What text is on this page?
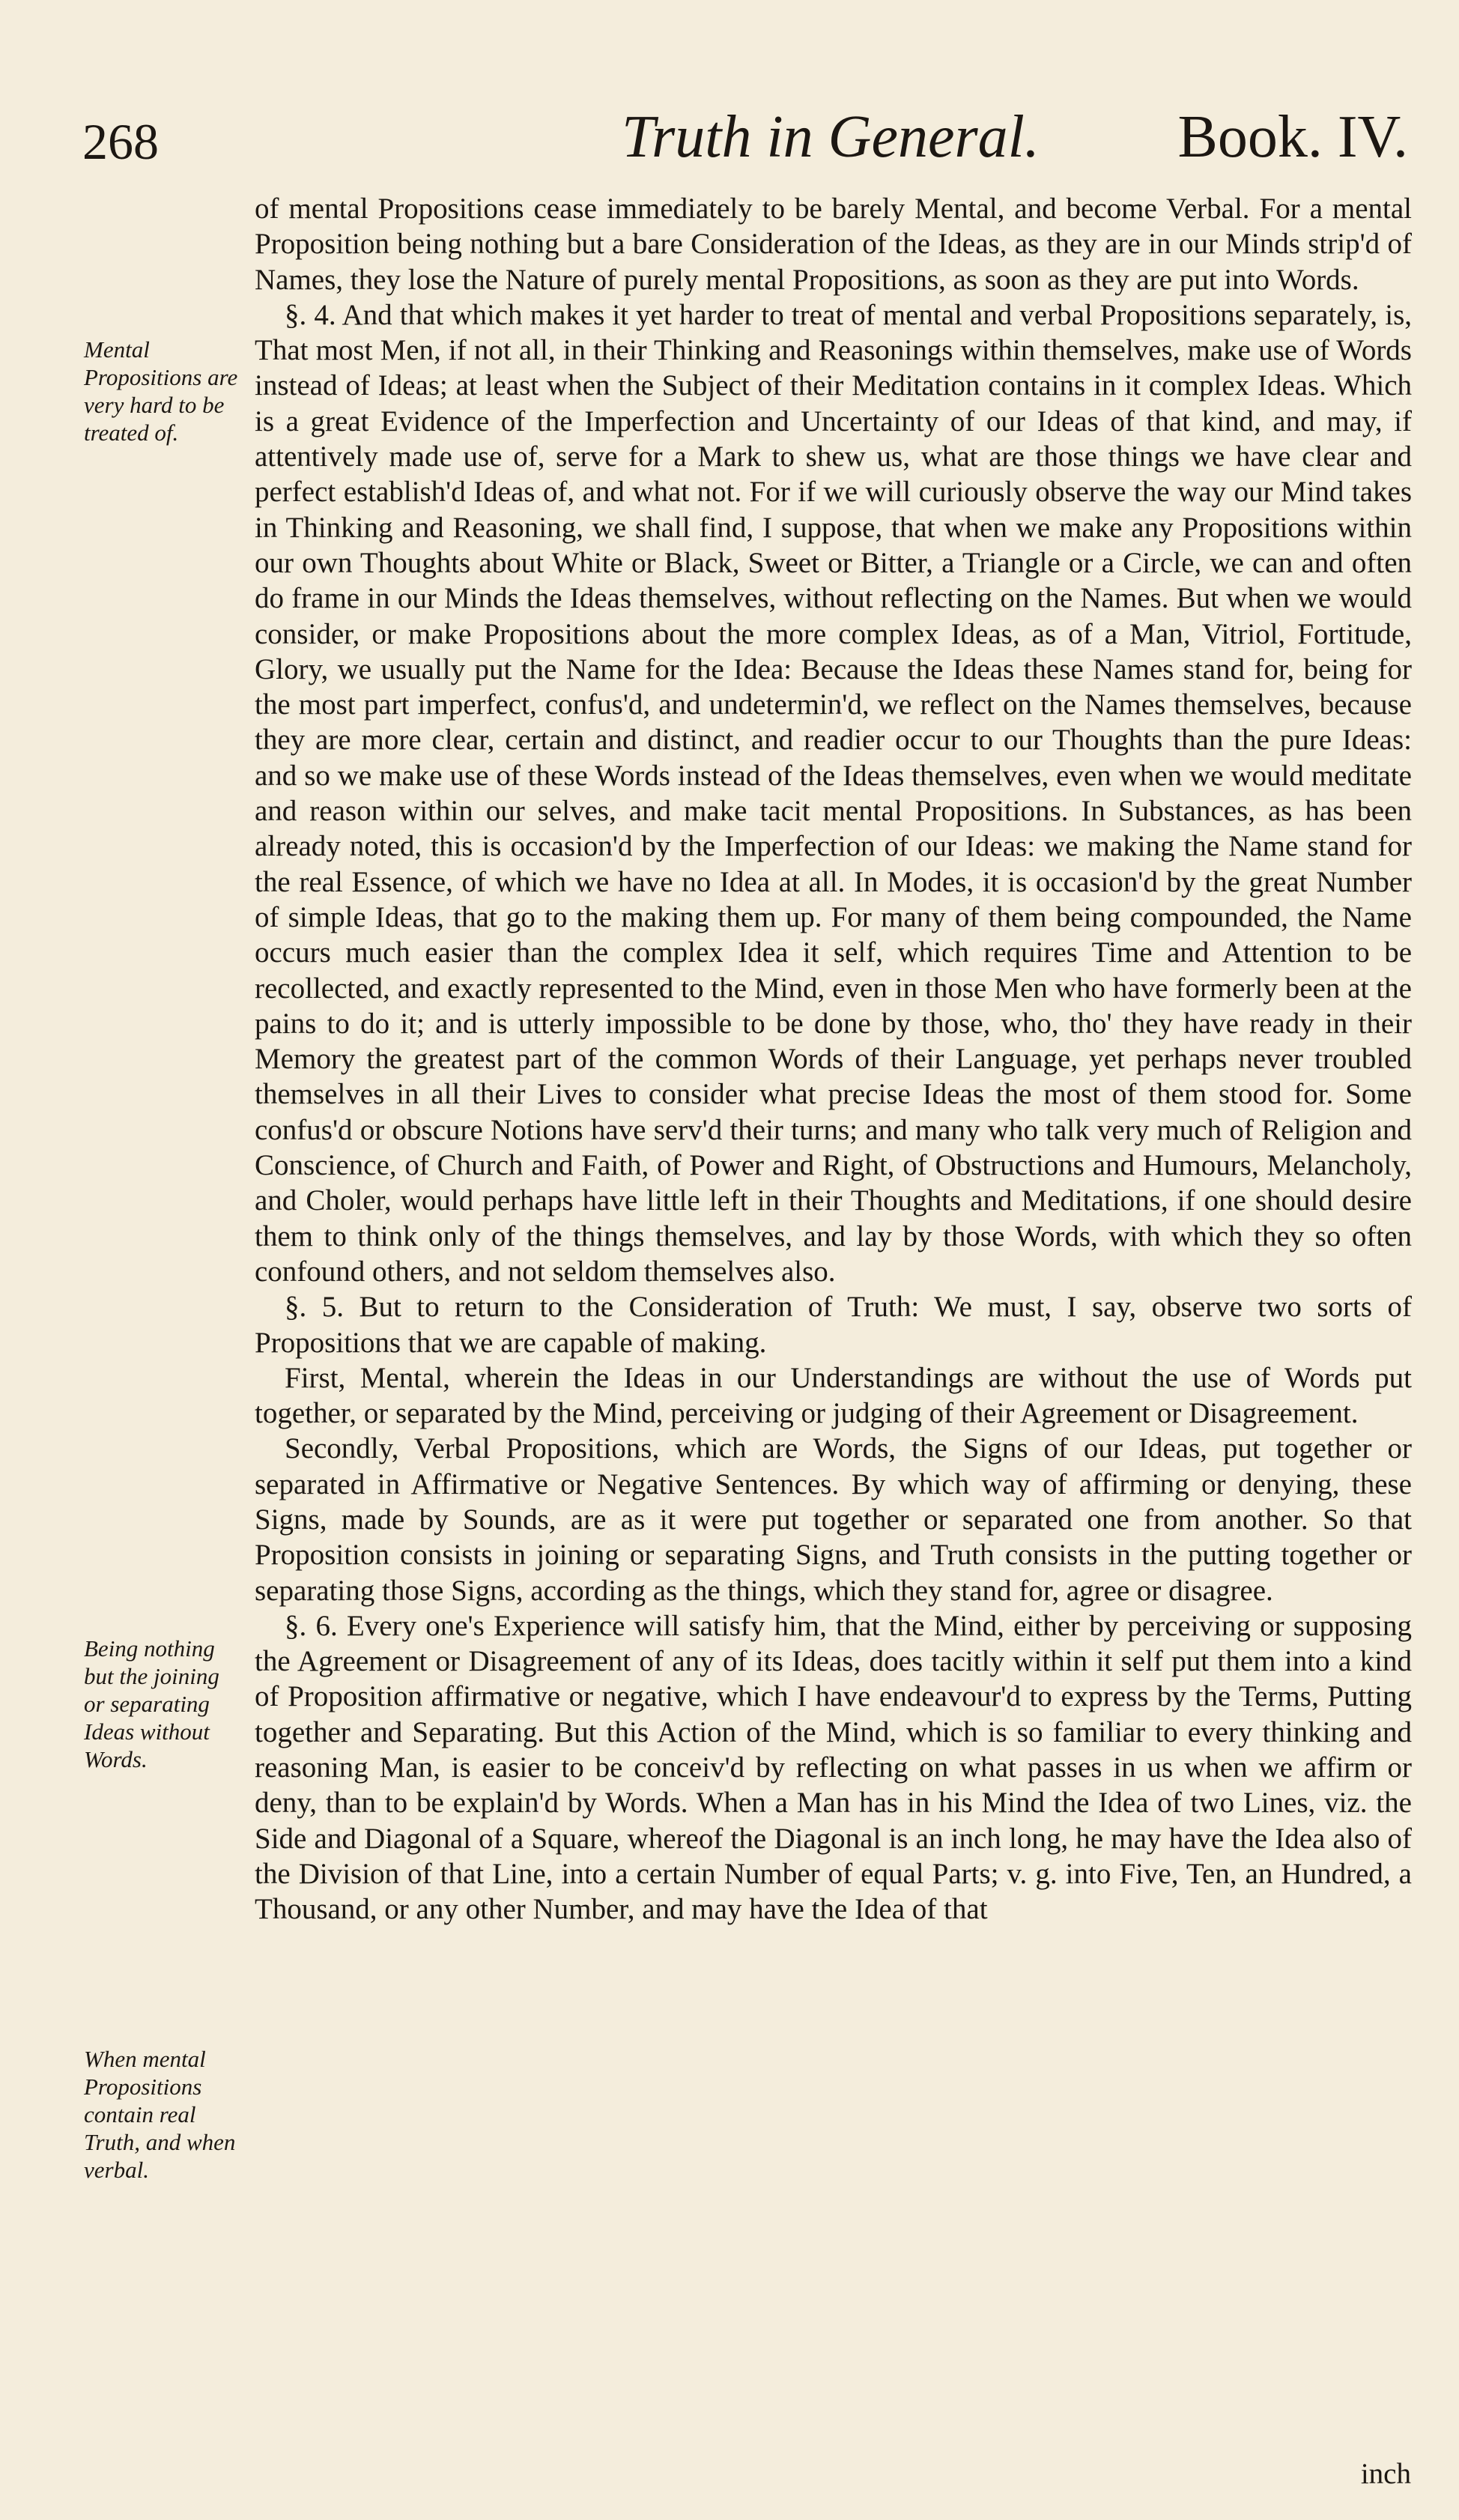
268	Truth in General. Book. IV.
Mental Propositions are very hard to be treated of.
Being nothing but the joining or separating Ideas without Words.
When mental Propositions contain real Truth, and when verbal.

of mental Propositions cease immediately to be barely Mental, and become Verbal. For a mental Proposition being nothing but a bare Consideration of the Ideas, as they are in our Minds strip'd of Names, they lose the Nature of purely mental Propositions, as soon as they are put into Words.

§. 4. And that which makes it yet harder to treat of mental and verbal Propositions separately, is, That most Men, if not all, in their Thinking and Reasonings within themselves, make use of Words instead of Ideas; at least when the Subject of their Meditation contains in it complex Ideas. Which is a great Evidence of the Imperfection and Uncertainty of our Ideas of that kind, and may, if attentively made use of, serve for a Mark to shew us, what are those things we have clear and perfect establish'd Ideas of, and what not. For if we will curiously observe the way our Mind takes in Thinking and Reasoning, we shall find, I suppose, that when we make any Propositions within our own Thoughts about White or Black, Sweet or Bitter, a Triangle or a Circle, we can and often do frame in our Minds the Ideas themselves, without reflecting on the Names. But when we would consider, or make Propositions about the more complex Ideas, as of a Man, Vitriol, Fortitude, Glory, we usually put the Name for the Idea: Because the Ideas these Names stand for, being for the most part imperfect, confus'd, and undetermin'd, we reflect on the Names themselves, because they are more clear, certain and distinct, and readier occur to our Thoughts than the pure Ideas: and so we make use of these Words instead of the Ideas themselves, even when we would meditate and reason within our selves, and make tacit mental Propositions. In Substances, as has been already noted, this is occasion'd by the Imperfection of our Ideas: we making the Name stand for the real Essence, of which we have no Idea at all. In Modes, it is occasion'd by the great Number of simple Ideas, that go to the making them up. For many of them being compounded, the Name occurs much easier than the complex Idea it self, which requires Time and Attention to be recollected, and exactly represented to the Mind, even in those Men who have formerly been at the pains to do it; and is utterly impossible to be done by those, who, tho' they have ready in their Memory the greatest part of the common Words of their Language, yet perhaps never troubled themselves in all their Lives to consider what precise Ideas the most of them stood for. Some confus'd or obscure Notions have serv'd their turns; and many who talk very much of Religion and Conscience, of Church and Faith, of Power and Right, of Obstructions and Humours, Melancholy, and Choler, would perhaps have little left in their Thoughts and Meditations, if one should desire them to think only of the things themselves, and lay by those Words, with which they so often confound others, and not seldom themselves also.

§. 5. But to return to the Consideration of Truth: We must, I say, observe two sorts of Propositions that we are capable of making.

First, Mental, wherein the Ideas in our Understandings are without the use of Words put together, or separated by the Mind, perceiving or judging of their Agreement or Disagreement.

Secondly, Verbal Propositions, which are Words, the Signs of our Ideas, put together or separated in Affirmative or Negative Sentences. By which way of affirming or denying, these Signs, made by Sounds, are as it were put together or separated one from another. So that Proposition consists in joining or separating Signs, and Truth consists in the putting together or separating those Signs, according as the things, which they stand for, agree or disagree.

§. 6. Every one's Experience will satisfy him, that the Mind, either by perceiving or supposing the Agreement or Disagreement of any of its Ideas, does tacitly within it self put them into a kind of Proposition affirmative or negative, which I have endeavour'd to express by the Terms, Putting together and Separating. But this Action of the Mind, which is so familiar to every thinking and reasoning Man, is easier to be conceiv'd by reflecting on what passes in us when we affirm or deny, than to be explain'd by Words. When a Man has in his Mind the Idea of two Lines, viz. the Side and Diagonal of a Square, whereof the Diagonal is an inch long, he may have the Idea also of the Division of that Line, into a certain Number of equal Parts; v. g. into Five, Ten, an Hundred, a Thousand, or any other Number, and may have the Idea of that

inch
